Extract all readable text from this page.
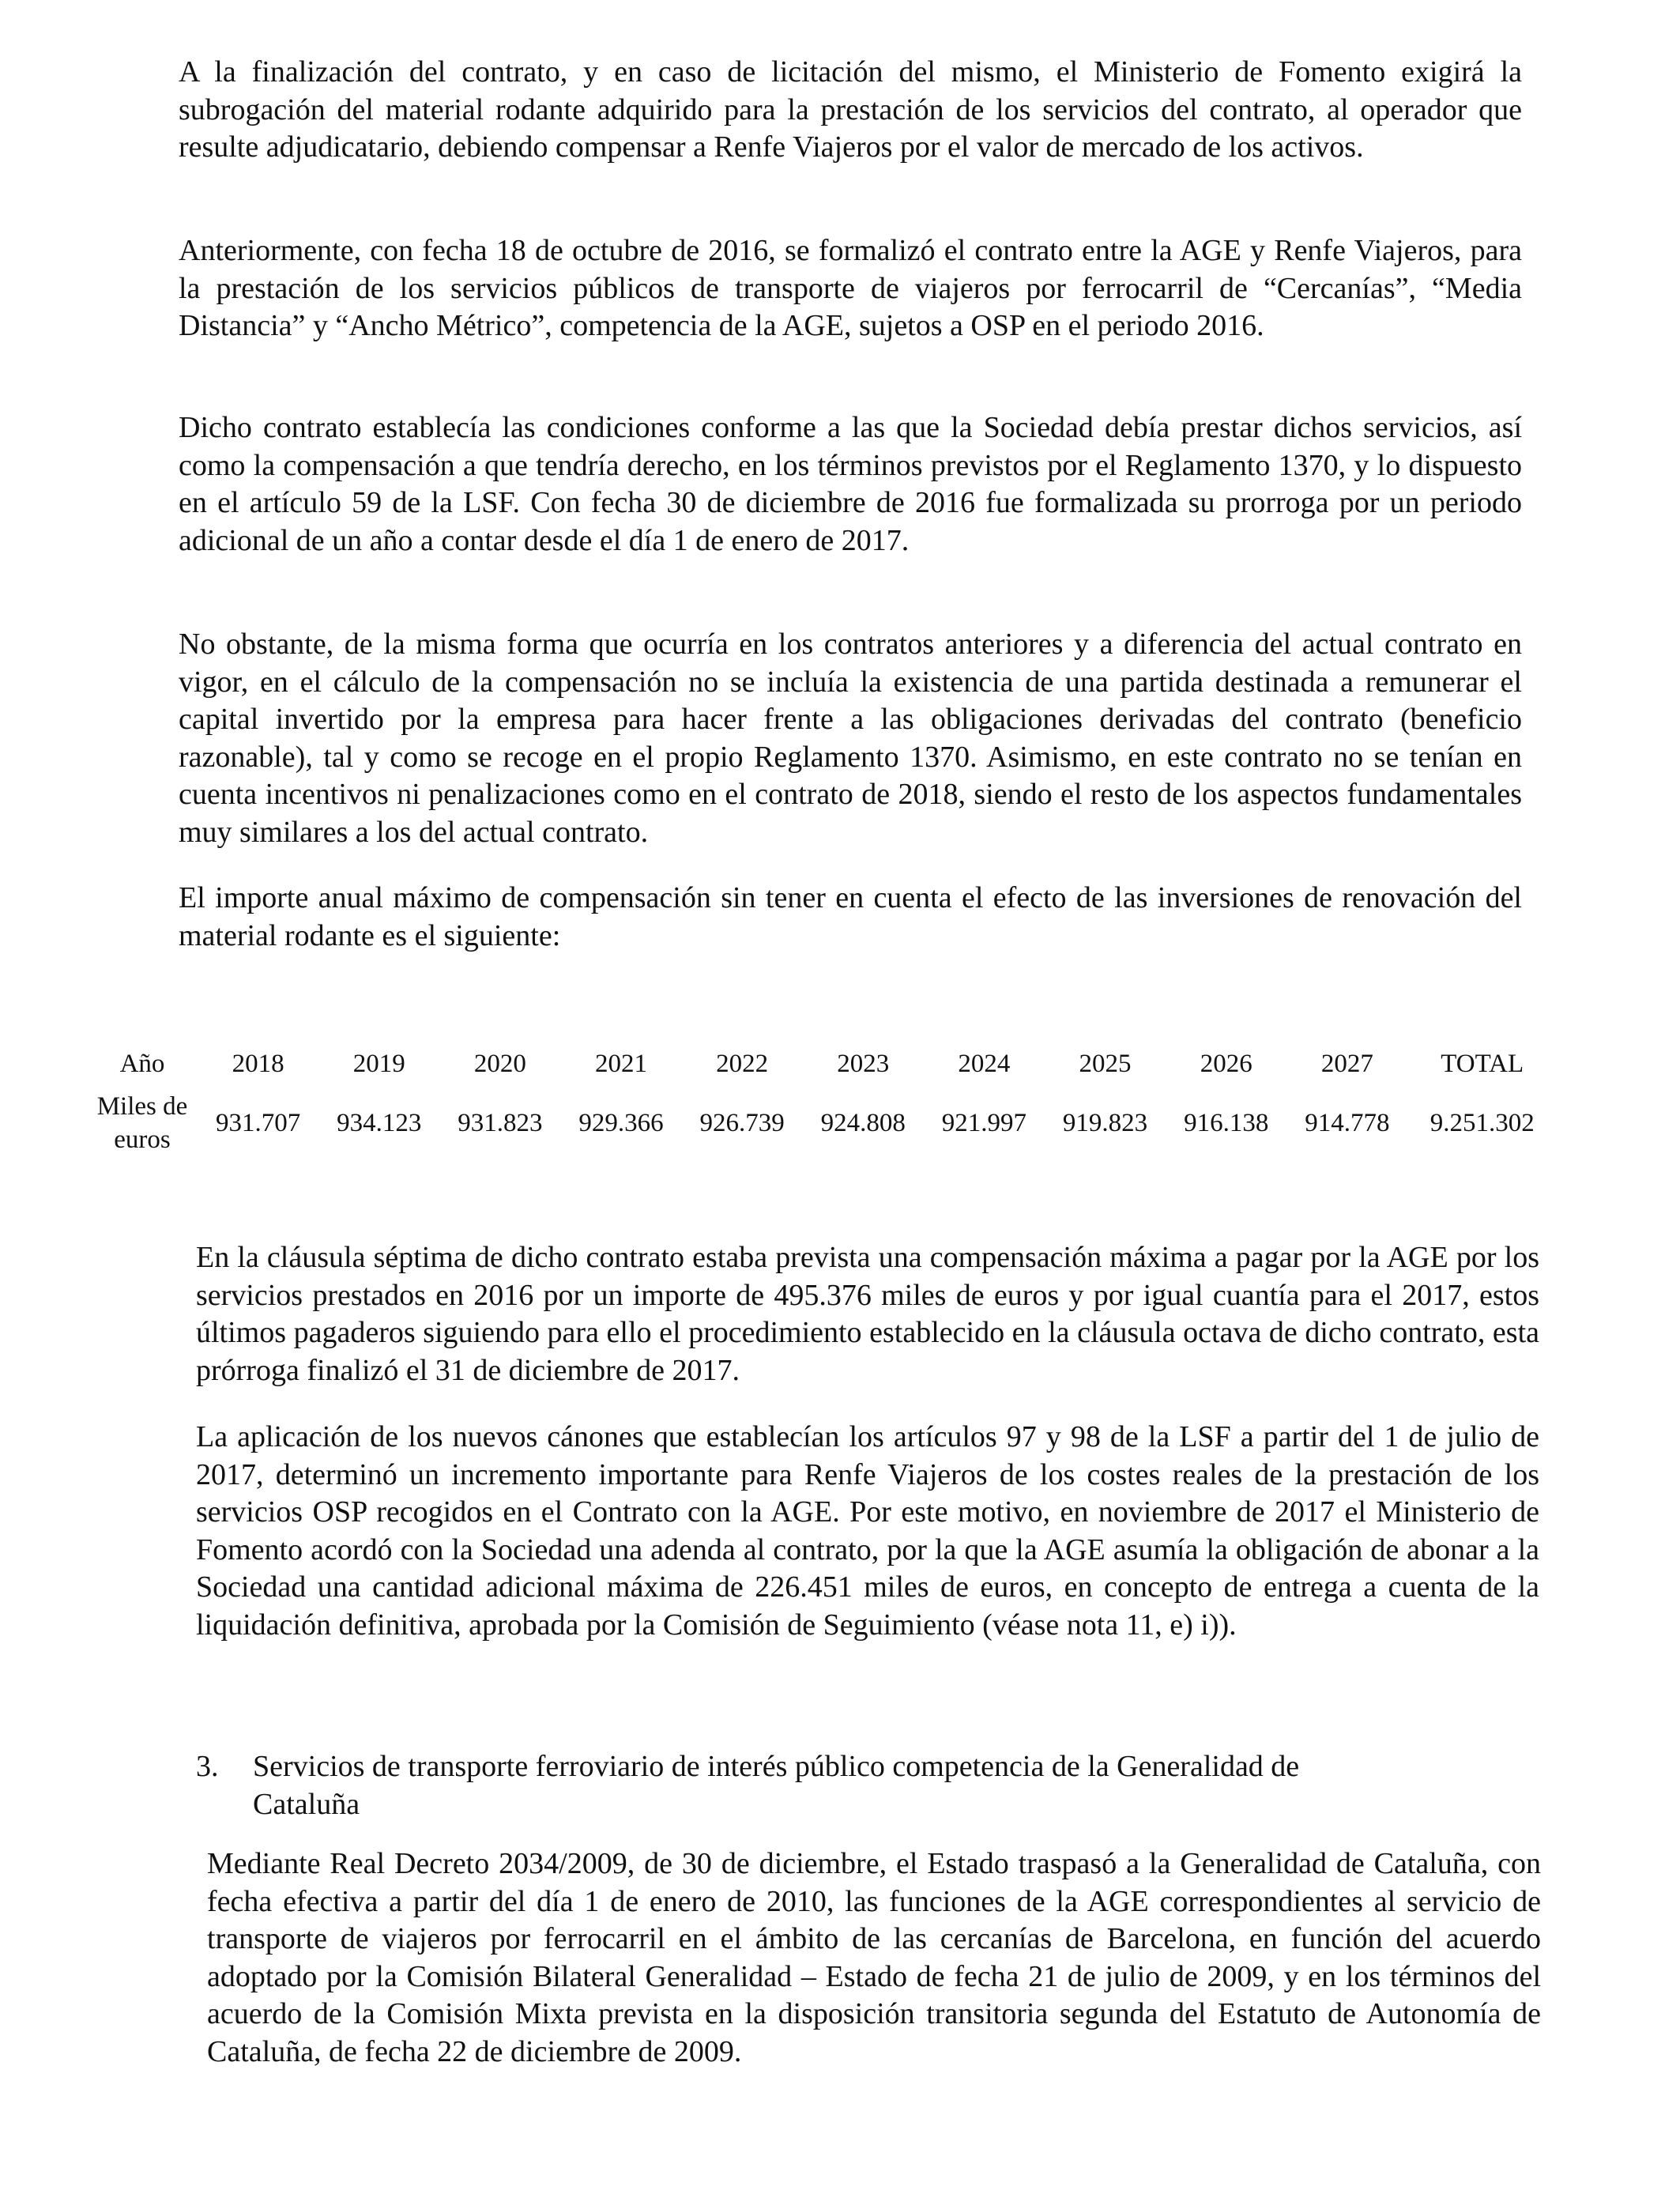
A la finalización del contrato, y en caso de licitación del mismo, el Ministerio de Fomento exigirá la subrogación del material rodante adquirido para la prestación de los servicios del contrato, al operador que resulte adjudicatario, debiendo compensar a Renfe Viajeros por el valor de mercado de los activos.

Anteriormente, con fecha 18 de octubre de 2016, se formalizó el contrato entre la AGE y Renfe Viajeros, para la prestación de los servicios públicos de transporte de viajeros por ferrocarril de “Cercanías”, “Media Distancia” y “Ancho Métrico”, competencia de la AGE, sujetos a OSP en el periodo 2016.

Dicho contrato establecía las condiciones conforme a las que la Sociedad debía prestar dichos servicios, así como la compensación a que tendría derecho, en los términos previstos por el Reglamento 1370, y lo dispuesto en el artículo 59 de la LSF. Con fecha 30 de diciembre de 2016 fue formalizada su prorroga por un periodo adicional de un año a contar desde el día 1 de enero de 2017.

No obstante, de la misma forma que ocurría en los contratos anteriores y a diferencia del actual contrato en vigor, en el cálculo de la compensación no se incluía la existencia de una partida destinada a remunerar el capital invertido por la empresa para hacer frente a las obligaciones derivadas del contrato (beneficio razonable), tal y como se recoge en el propio Reglamento 1370. Asimismo, en este contrato no se tenían en cuenta incentivos ni penalizaciones como en el contrato de 2018, siendo el resto de los aspectos fundamentales muy similares a los del actual contrato.

El importe anual máximo de compensación sin tener en cuenta el efecto de las inversiones de renovación del material rodante es el siguiente:

Año	2018	2019	2020	2021	2022	2023	2024	2025	2026	2027	TOTAL
Miles de euros	931.707	934.123	931.823	929.366	926.739	924.808	921.997	919.823	916.138	914.778	9.251.302

En la cláusula séptima de dicho contrato estaba prevista una compensación máxima a pagar por la AGE por los servicios prestados en 2016 por un importe de 495.376 miles de euros y por igual cuantía para el 2017, estos últimos pagaderos siguiendo para ello el procedimiento establecido en la cláusula octava de dicho contrato, esta prórroga finalizó el 31 de diciembre de 2017.

La aplicación de los nuevos cánones que establecían los artículos 97 y 98 de la LSF a partir del 1 de julio de 2017, determinó un incremento importante para Renfe Viajeros de los costes reales de la prestación de los servicios OSP recogidos en el Contrato con la AGE. Por este motivo, en noviembre de 2017 el Ministerio de Fomento acordó con la Sociedad una adenda al contrato, por la que la AGE asumía la obligación de abonar a la Sociedad una cantidad adicional máxima de 226.451 miles de euros, en concepto de entrega a cuenta de la liquidación definitiva, aprobada por la Comisión de Seguimiento (véase nota 11, e) i)).

3. Servicios de transporte ferroviario de interés público competencia de la Generalidad de
Cataluña

Mediante Real Decreto 2034/2009, de 30 de diciembre, el Estado traspasó a la Generalidad de Cataluña, con fecha efectiva a partir del día 1 de enero de 2010, las funciones de la AGE correspondientes al servicio de transporte de viajeros por ferrocarril en el ámbito de las cercanías de Barcelona, en función del acuerdo adoptado por la Comisión Bilateral Generalidad – Estado de fecha 21 de julio de 2009, y en los términos del acuerdo de la Comisión Mixta prevista en la disposición transitoria segunda del Estatuto de Autonomía de Cataluña, de fecha 22 de diciembre de 2009.
